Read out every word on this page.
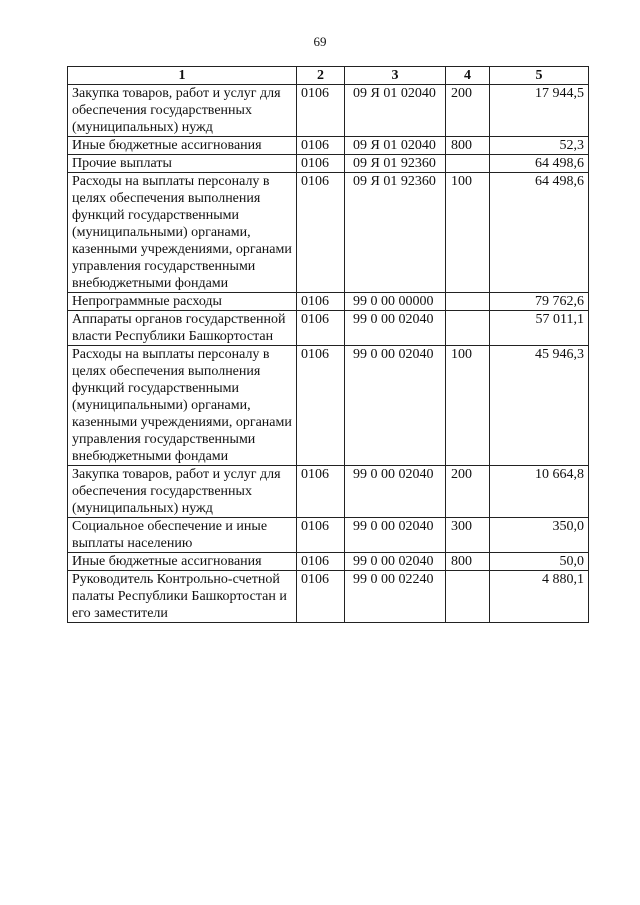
69
1	2	3	4	5
Закупка товаров, работ и услуг для обеспечения государственных (муниципальных) нужд	0106	09 Я 01 02040	200	17 944,5
Иные бюджетные ассигнования	0106	09 Я 01 02040	800	52,3
Прочие выплаты	0106	09 Я 01 92360		64 498,6
Расходы на выплаты персоналу в целях обеспечения выполнения функций государственными (муниципальными) органами, казенными учреждениями, органами управления государственными внебюджетными фондами	0106	09 Я 01 92360	100	64 498,6
Непрограммные расходы	0106	99 0 00 00000		79 762,6
Аппараты органов государственной власти Республики Башкортостан	0106	99 0 00 02040		57 011,1
Расходы на выплаты персоналу в целях обеспечения выполнения функций государственными (муниципальными) органами, казенными учреждениями, органами управления государственными внебюджетными фондами	0106	99 0 00 02040	100	45 946,3
Закупка товаров, работ и услуг для обеспечения государственных (муниципальных) нужд	0106	99 0 00 02040	200	10 664,8
Социальное обеспечение и иные выплаты населению	0106	99 0 00 02040	300	350,0
Иные бюджетные ассигнования	0106	99 0 00 02040	800	50,0
Руководитель Контрольно-счетной палаты Республики Башкортостан и его заместители	0106	99 0 00 02240		4 880,1
